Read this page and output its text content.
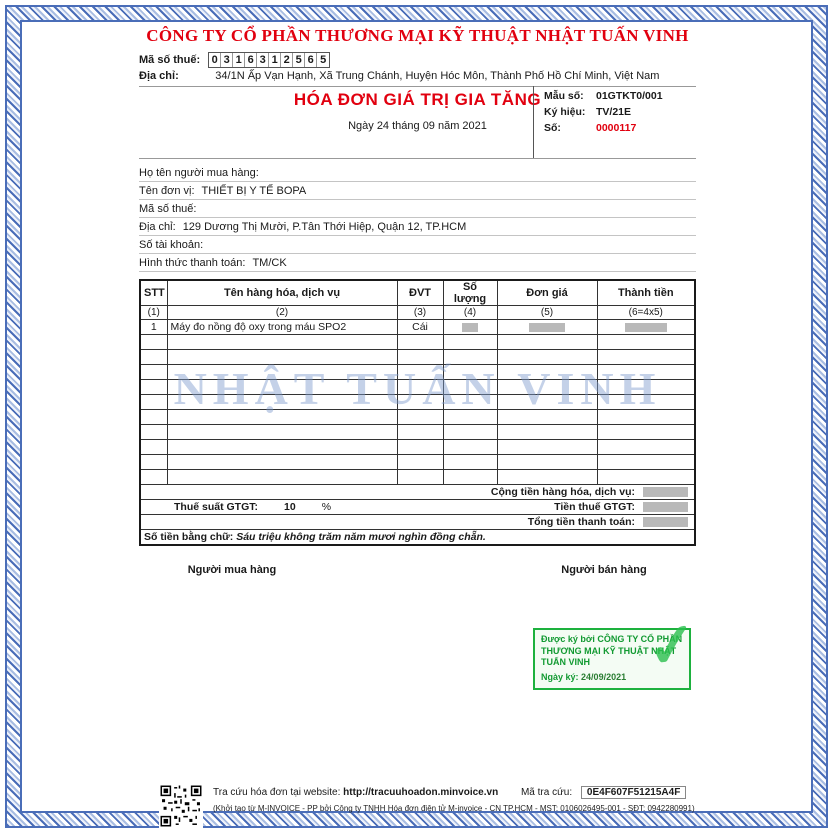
CÔNG TY CỔ PHẦN THƯƠNG MẠI KỸ THUẬT NHẬT TUẤN VINH
Mã số thuế: 0 3 1 6 3 1 2 5 6 5
Địa chỉ:	34/1N Ấp Vạn Hạnh, Xã Trung Chánh, Huyện Hóc Môn, Thành Phố Hồ Chí Minh, Việt Nam
HÓA ĐƠN GIÁ TRỊ GIA TĂNG
Ngày 24 tháng 09 năm 2021
Mẫu số:	01GTKT0/001
Ký hiệu:	TV/21E
Số:	0000117
Họ tên người mua hàng:
Tên đơn vị: THIẾT BỊ Y TẾ BOPA
Mã số thuế:
Địa chỉ: 129 Dương Thị Mười, P.Tân Thới Hiệp, Quận 12, TP.HCM
Số tài khoản:
Hình thức thanh toán: TM/CK
STT	Tên hàng hóa, dịch vụ	ĐVT	Số lượng	Đơn giá	Thành tiền
(1)	(2)	(3)	(4)	(5)	(6=4x5)
1	Máy đo nồng độ oxy trong máu SPO2	Cái			

Cộng tiền hàng hóa, dịch vụ:					

Thuế suất GTGT: 10 % Tiền thuế GTGT:					

Tổng tiền thanh toán:					

Số tiền bằng chữ: Sáu triệu không trăm năm mươi nghìn đồng chẵn.					
NHẬT TUẤN VINH
Người mua hàng	Người bán hàng
Được ký bởi CÔNG TY CỔ PHẦN THƯƠNG MẠI KỸ THUẬT NHẬT TUẤN VINH
Ngày ký: 24/09/2021 ✓
Tra cứu hóa đơn tại website: http://tracuuhoadon.minvoice.vn Mã tra cứu: 0E4F607F51215A4F
(Khởi tạo từ M-INVOICE - PP bởi Công ty TNHH Hóa đơn điện tử M-invoice - CN TP.HCM - MST: 0106026495-001 - SĐT: 0942280991)
